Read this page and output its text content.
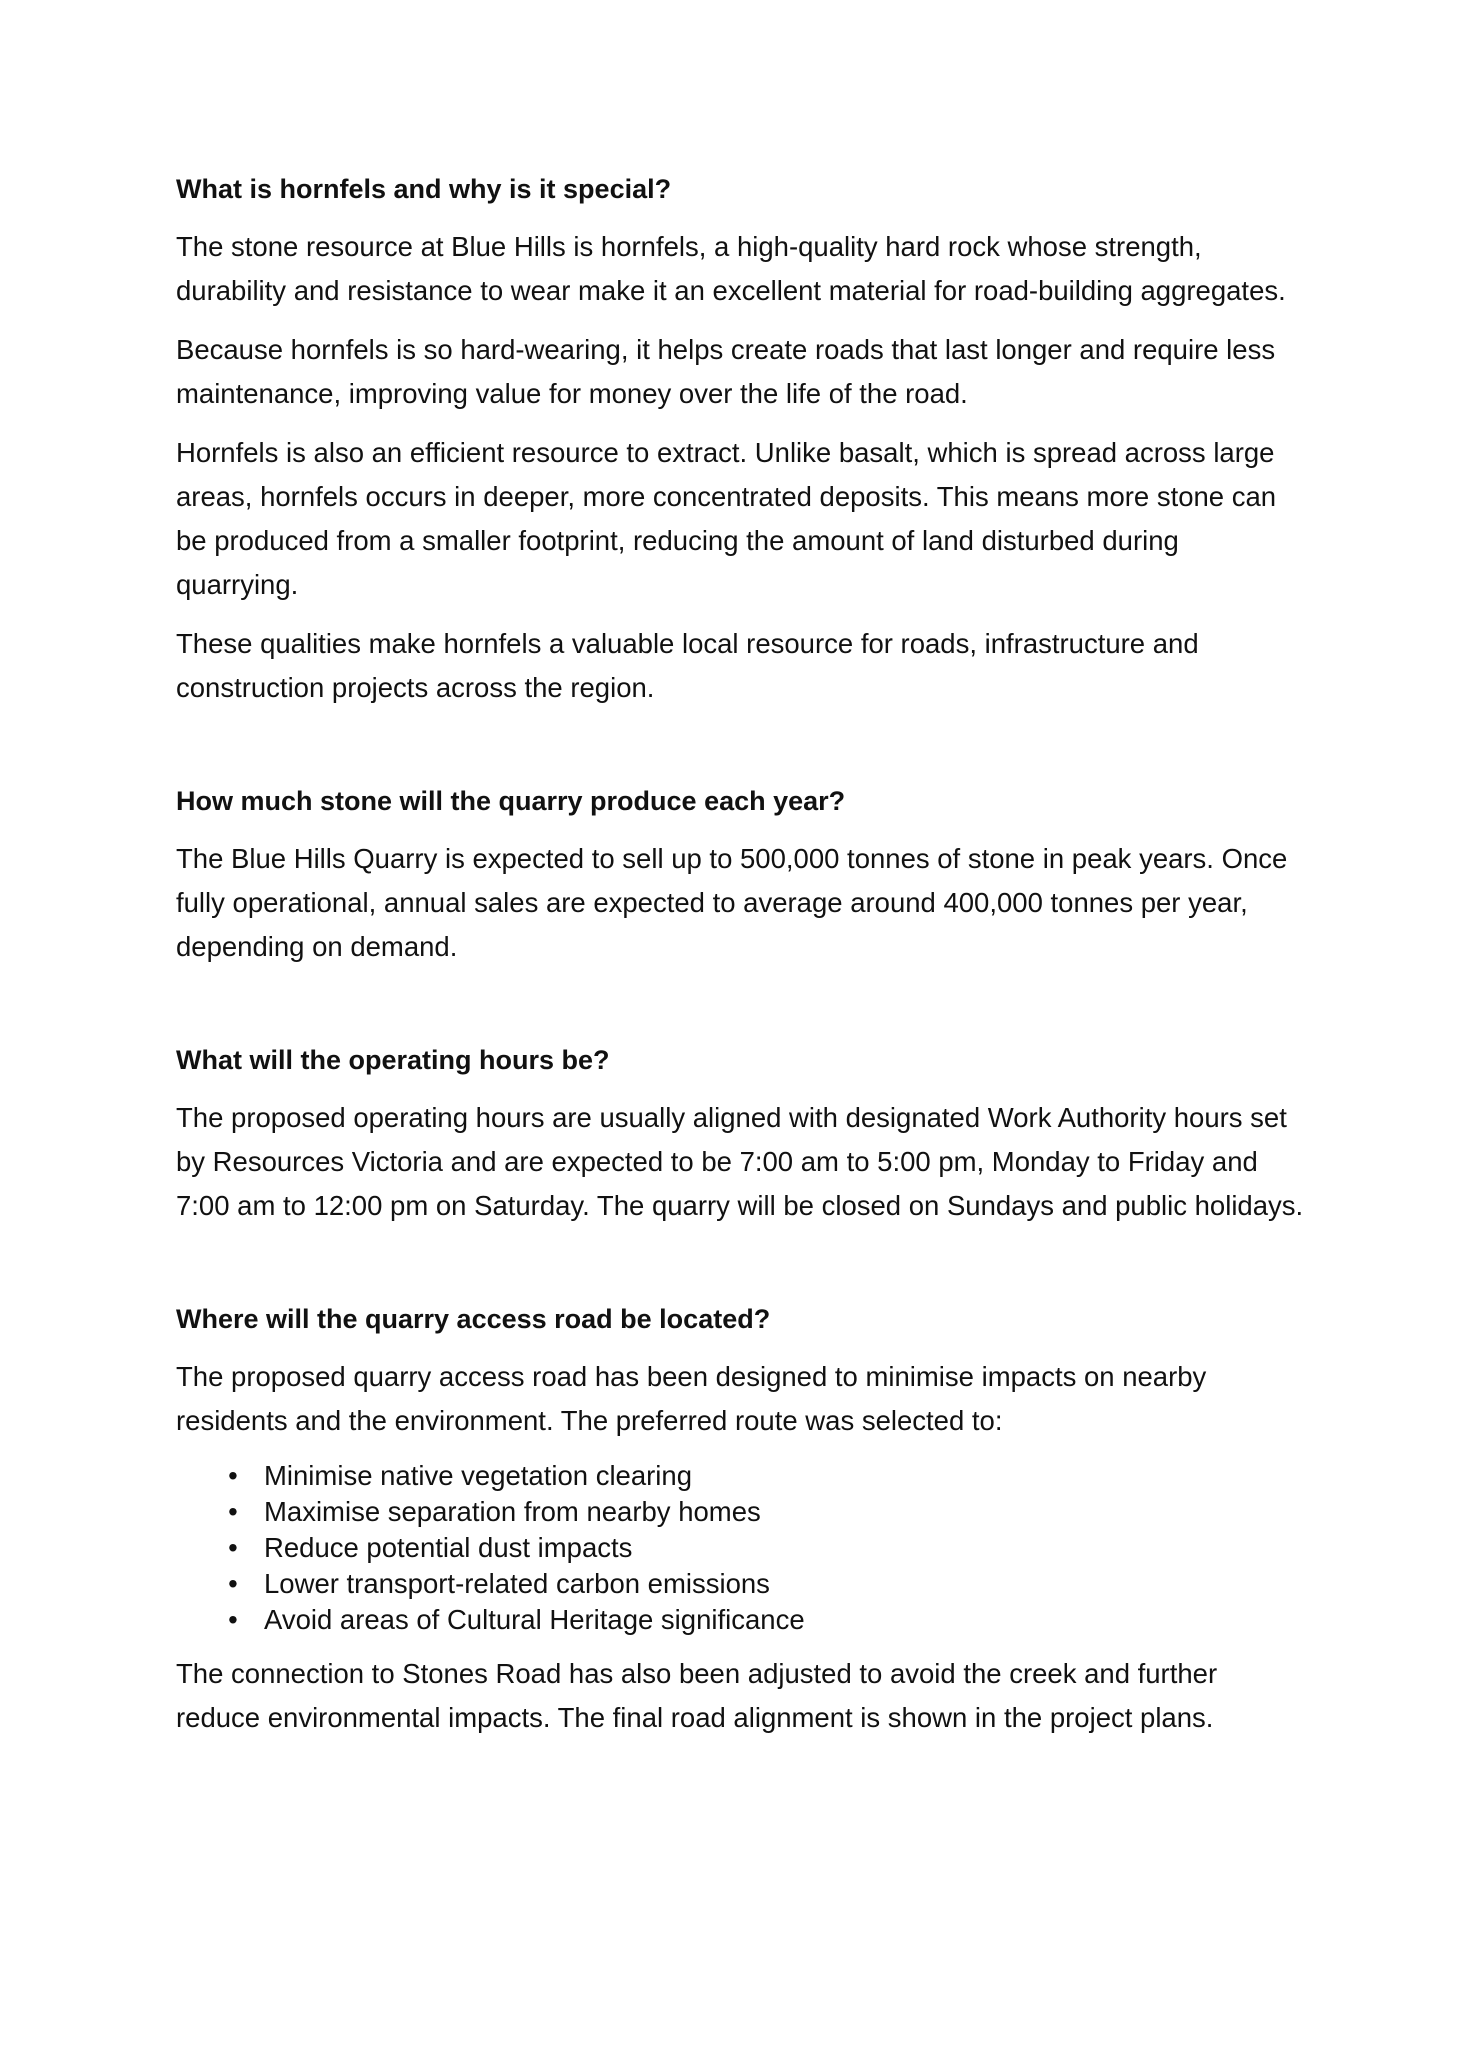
What is hornfels and why is it special?

The stone resource at Blue Hills is hornfels, a high-quality hard rock whose strength, durability and resistance to wear make it an excellent material for road-building aggregates.

Because hornfels is so hard-wearing, it helps create roads that last longer and require less maintenance, improving value for money over the life of the road.

Hornfels is also an efficient resource to extract. Unlike basalt, which is spread across large areas, hornfels occurs in deeper, more concentrated deposits. This means more stone can be produced from a smaller footprint, reducing the amount of land disturbed during quarrying.

These qualities make hornfels a valuable local resource for roads, infrastructure and construction projects across the region.

How much stone will the quarry produce each year?

The Blue Hills Quarry is expected to sell up to 500,000 tonnes of stone in peak years. Once fully operational, annual sales are expected to average around 400,000 tonnes per year, depending on demand.

What will the operating hours be?

The proposed operating hours are usually aligned with designated Work Authority hours set by Resources Victoria and are expected to be 7:00 am to 5:00 pm, Monday to Friday and 7:00 am to 12:00 pm on Saturday. The quarry will be closed on Sundays and public holidays.

Where will the quarry access road be located?

The proposed quarry access road has been designed to minimise impacts on nearby residents and the environment. The preferred route was selected to:

• Minimise native vegetation clearing
• Maximise separation from nearby homes
• Reduce potential dust impacts
• Lower transport-related carbon emissions
• Avoid areas of Cultural Heritage significance

The connection to Stones Road has also been adjusted to avoid the creek and further reduce environmental impacts. The final road alignment is shown in the project plans.
